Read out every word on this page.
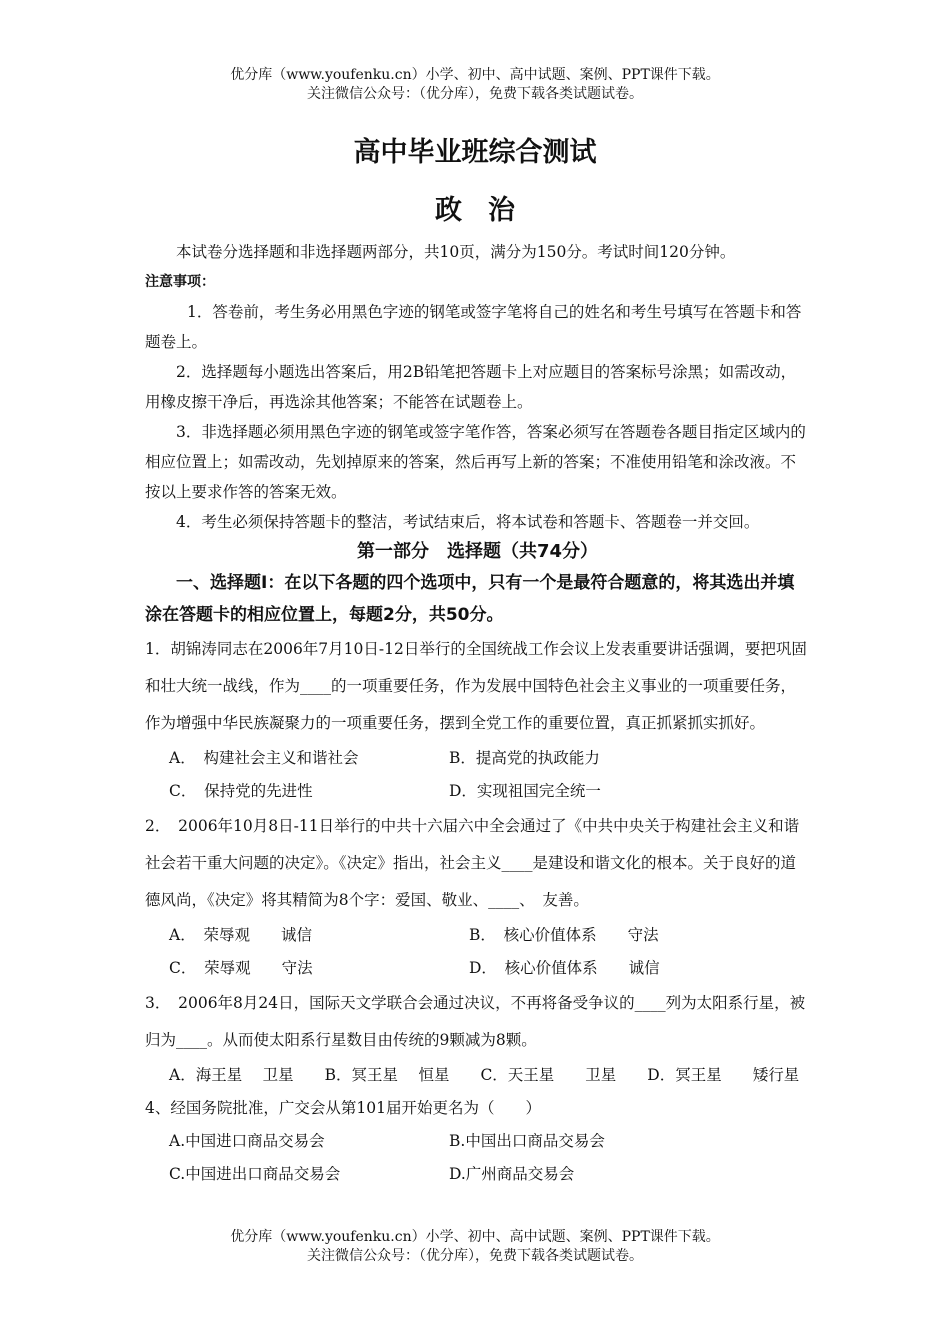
优分库（www.youfenku.cn）小学、初中、高中试题、案例、PPT课件下载。
关注微信公众号：（优分库），免费下载各类试题试卷。
高中毕业班综合测试
政治

本试卷分选择题和非选择题两部分，共10页，满分为150分。考试时间120分钟。

注意事项：

1．答卷前，考生务必用黑色字迹的钢笔或签字笔将自己的姓名和考生号填写在答题卡和答题卷上。

2．选择题每小题选出答案后，用2B铅笔把答题卡上对应题目的答案标号涂黑；如需改动，用橡皮擦干净后，再选涂其他答案；不能答在试题卷上。

3．非选择题必须用黑色字迹的钢笔或签字笔作答，答案必须写在答题卷各题目指定区域内的相应位置上；如需改动，先划掉原来的答案，然后再写上新的答案；不准使用铅笔和涂改液。不按以上要求作答的答案无效。

4．考生必须保持答题卡的整洁，考试结束后，将本试卷和答题卡、答题卷一并交回。

第一部分　选择题（共74分）

一、选择题Ⅰ：在以下各题的四个选项中，只有一个是最符合题意的，将其选出并填涂在答题卡的相应位置上，每题2分，共50分。

1．胡锦涛同志在2006年7月10日-12日举行的全国统战工作会议上发表重要讲话强调，要把巩固和壮大统一战线，作为____的一项重要任务，作为发展中国特色社会主义事业的一项重要任务，作为增强中华民族凝聚力的一项重要任务，摆到全党工作的重要位置，真正抓紧抓实抓好。

A．　构建社会主义和谐社会	B．提高党的执政能力
C．　保持党的先进性	D．实现祖国完全统一

2．　2006年10月8日-11日举行的中共十六届六中全会通过了《中共中央关于构建社会主义和谐社会若干重大问题的决定》。《决定》指出，社会主义____是建设和谐文化的根本。关于良好的道德风尚，《决定》将其精简为8个字：爱国、敬业、____、　友善。

A．　荣辱观　　诚信	B．　核心价值体系　　守法
C．　荣辱观　　守法	D．　核心价值体系　　诚信

3．　2006年8月24日，国际天文学联合会通过决议，不再将备受争议的____列为太阳系行星，被归为____。从而使太阳系行星数目由传统的9颗减为8颗。

A．海王星　 卫星　　B．冥王星　 恒星　　C．天王星　　卫星　　D．冥王星　　矮行星

4、经国务院批准，广交会从第101届开始更名为（　　）

A.中国进口商品交易会	B.中国出口商品交易会
C.中国进出口商品交易会	D.广州商品交易会
优分库（www.youfenku.cn）小学、初中、高中试题、案例、PPT课件下载。
关注微信公众号：（优分库），免费下载各类试题试卷。
